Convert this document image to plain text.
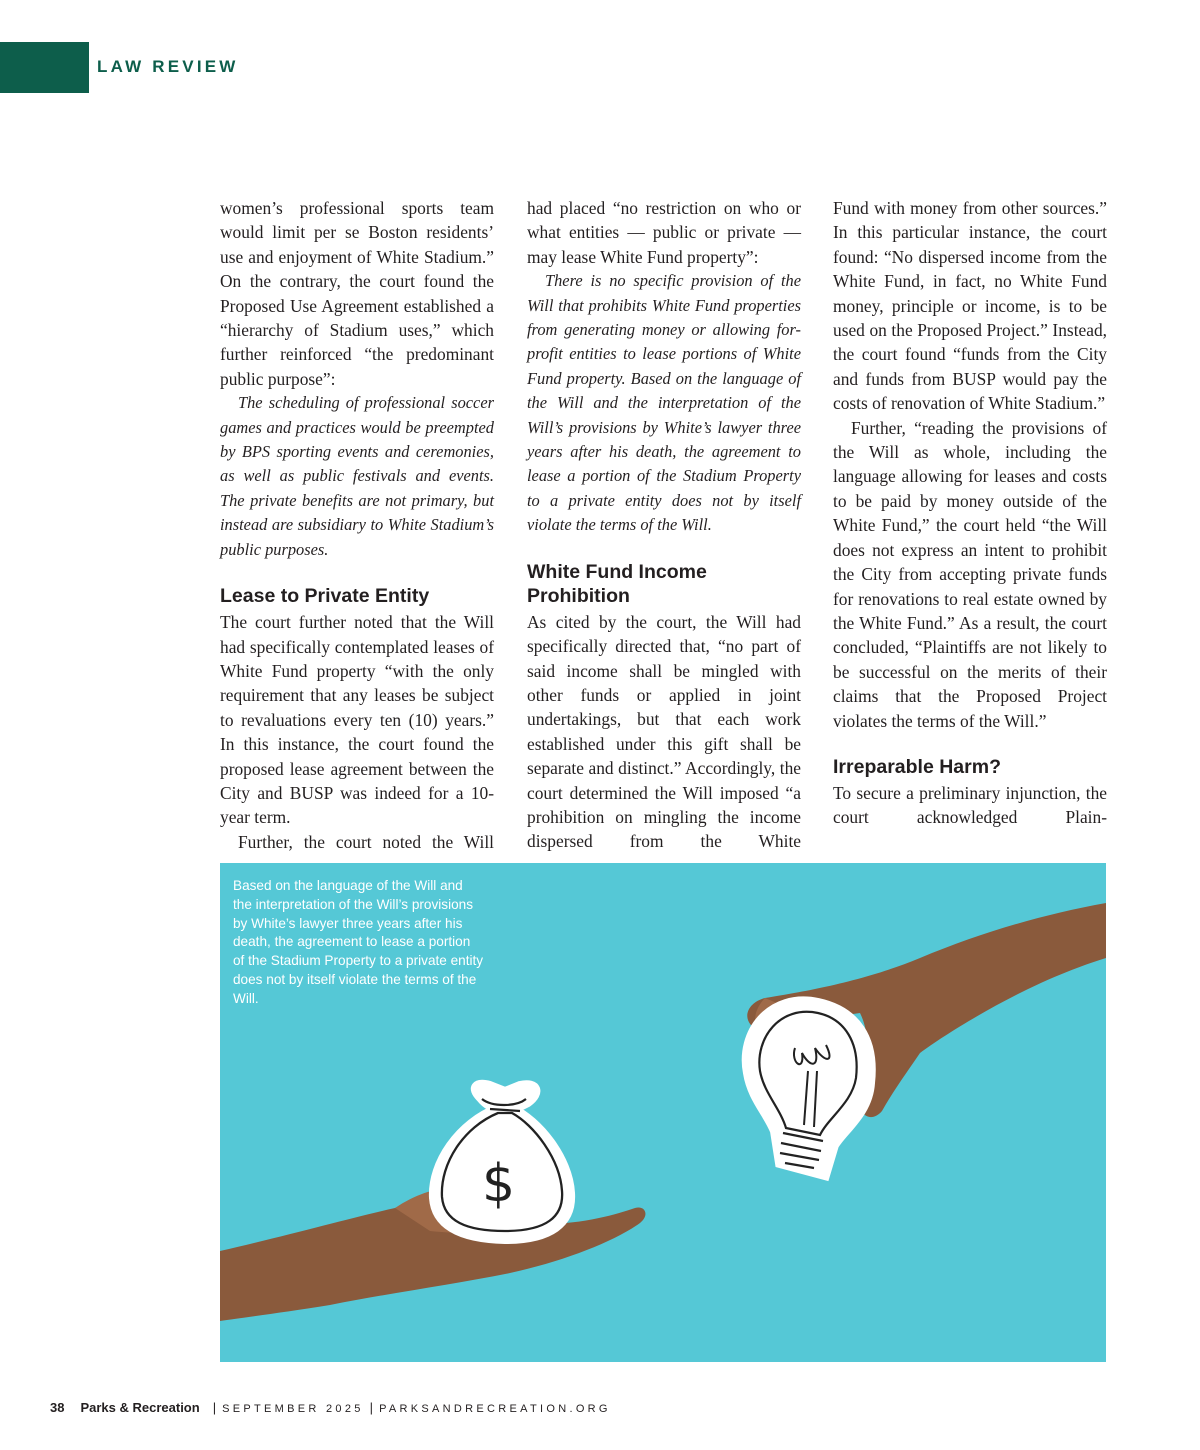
LAW REVIEW

women’s professional sports team would limit per se Boston residents’ use and enjoyment of White Stadium.” On the contrary, the court found the Proposed Use Agreement established a “hierarchy of Stadium uses,” which further reinforced “the predominant public purpose”:

The scheduling of professional soccer games and practices would be preempted by BPS sporting events and ceremonies, as well as public festivals and events. The private benefits are not primary, but instead are subsidiary to White Stadium’s public purposes.

Lease to Private Entity

The court further noted that the Will had specifically contemplated leases of White Fund property “with the only requirement that any leases be subject to revaluations every ten (10) years.” In this instance, the court found the proposed lease agreement between the City and BUSP was indeed for a 10-year term.

Further, the court noted the Will

had placed “no restriction on who or what entities — public or private — may lease White Fund property”:

There is no specific provision of the Will that prohibits White Fund properties from generating money or allowing for-profit entities to lease portions of White Fund property. Based on the language of the Will and the interpretation of the Will’s provisions by White’s lawyer three years after his death, the agreement to lease a portion of the Stadium Property to a private entity does not by itself violate the terms of the Will.

White Fund Income Prohibition

As cited by the court, the Will had specifically directed that, “no part of said income shall be mingled with other funds or applied in joint undertakings, but that each work established under this gift shall be separate and distinct.” Accordingly, the court determined the Will imposed “a prohibition on mingling the income dispersed from the White

Fund with money from other sources.” In this particular instance, the court found: “No dispersed income from the White Fund, in fact, no White Fund money, principle or income, is to be used on the Proposed Project.” Instead, the court found “funds from the City and funds from BUSP would pay the costs of renovation of White Stadium.”

Further, “reading the provisions of the Will as whole, including the language allowing for leases and costs to be paid by money outside of the White Fund,” the court held “the Will does not express an intent to prohibit the City from accepting private funds for renovations to real estate owned by the White Fund.” As a result, the court concluded, “Plaintiffs are not likely to be successful on the merits of their claims that the Proposed Project violates the terms of the Will.”

Irreparable Harm?

To secure a preliminary injunction, the court acknowledged Plain-

$
Based on the language of the Will and the interpretation of the Will’s provisions by White’s lawyer three years after his death, the agreement to lease a portion of the Stadium Property to a private entity does not by itself violate the terms of the Will.
38 Parks & Recreation | SEPTEMBER 2025 | PARKSANDRECREATION.ORG
